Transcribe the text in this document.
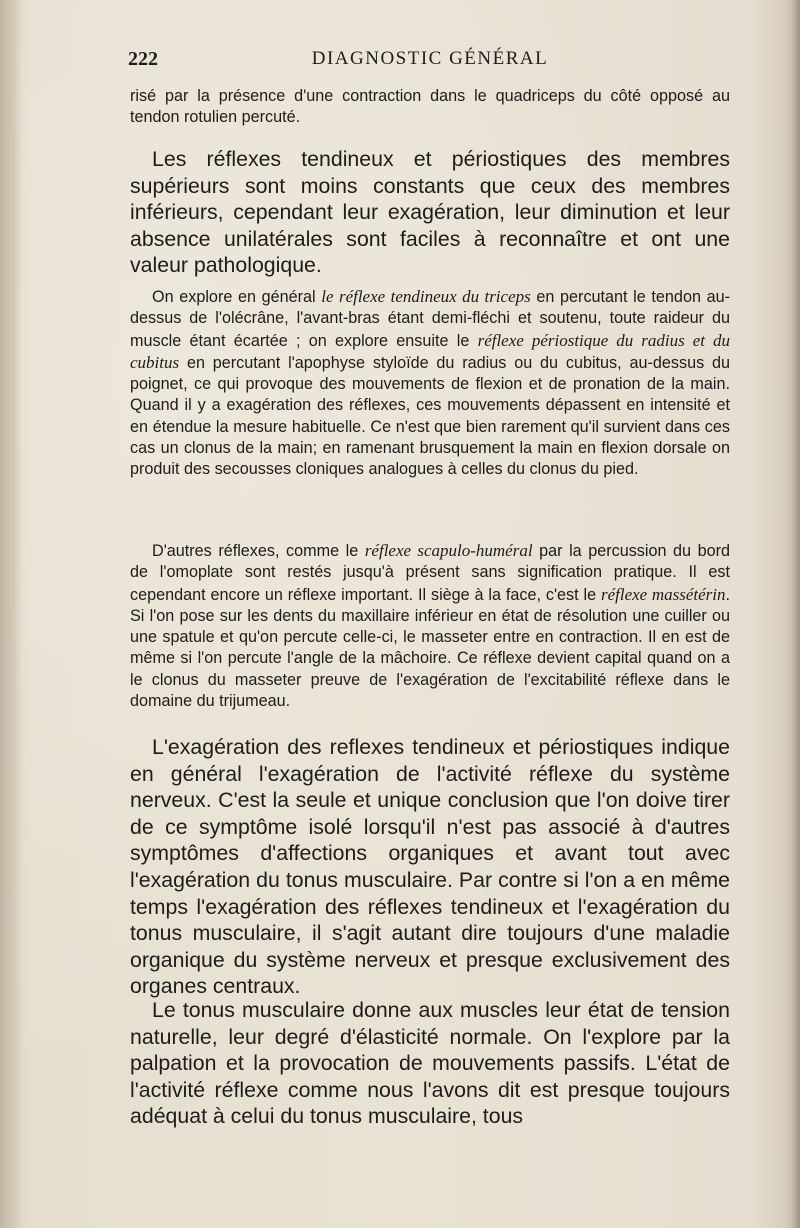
222	DIAGNOSTIC GÉNÉRAL

risé par la présence d'une contraction dans le quadriceps du côté opposé au tendon rotulien percuté.

Les réflexes tendineux et périostiques des membres supérieurs sont moins constants que ceux des membres inférieurs, cependant leur exagération, leur diminution et leur absence unilatérales sont faciles à reconnaître et ont une valeur pathologique.

On explore en général le réflexe tendineux du triceps en percutant le tendon au-dessus de l'olécrâne, l'avant-bras étant demi-fléchi et soutenu, toute raideur du muscle étant écartée ; on explore ensuite le réflexe périostique du radius et du cubitus en percutant l'apophyse styloïde du radius ou du cubitus, au-dessus du poignet, ce qui provoque des mouvements de flexion et de pronation de la main. Quand il y a exagération des réflexes, ces mouvements dépassent en intensité et en étendue la mesure habituelle. Ce n'est que bien rarement qu'il survient dans ces cas un clonus de la main; en ramenant brusquement la main en flexion dorsale on produit des secousses cloniques analogues à celles du clonus du pied.

D'autres réflexes, comme le réflexe scapulo-huméral par la percussion du bord de l'omoplate sont restés jusqu'à présent sans signification pratique. Il est cependant encore un réflexe important. Il siège à la face, c'est le réflexe massétérin. Si l'on pose sur les dents du maxillaire inférieur en état de résolution une cuiller ou une spatule et qu'on percute celle-ci, le masseter entre en contraction. Il en est de même si l'on percute l'angle de la mâchoire. Ce réflexe devient capital quand on a le clonus du masseter preuve de l'exagération de l'excitabilité réflexe dans le domaine du trijumeau.

L'exagération des reflexes tendineux et périostiques indique en général l'exagération de l'activité réflexe du système nerveux. C'est la seule et unique conclusion que l'on doive tirer de ce symptôme isolé lorsqu'il n'est pas associé à d'autres symptômes d'affections organiques et avant tout avec l'exagération du tonus musculaire. Par contre si l'on a en même temps l'exagération des réflexes tendineux et l'exagération du tonus musculaire, il s'agit autant dire toujours d'une maladie organique du système nerveux et presque exclusivement des organes centraux.

Le tonus musculaire donne aux muscles leur état de tension naturelle, leur degré d'élasticité normale. On l'explore par la palpation et la provocation de mouvements passifs. L'état de l'activité réflexe comme nous l'avons dit est presque toujours adéquat à celui du tonus musculaire, tous
